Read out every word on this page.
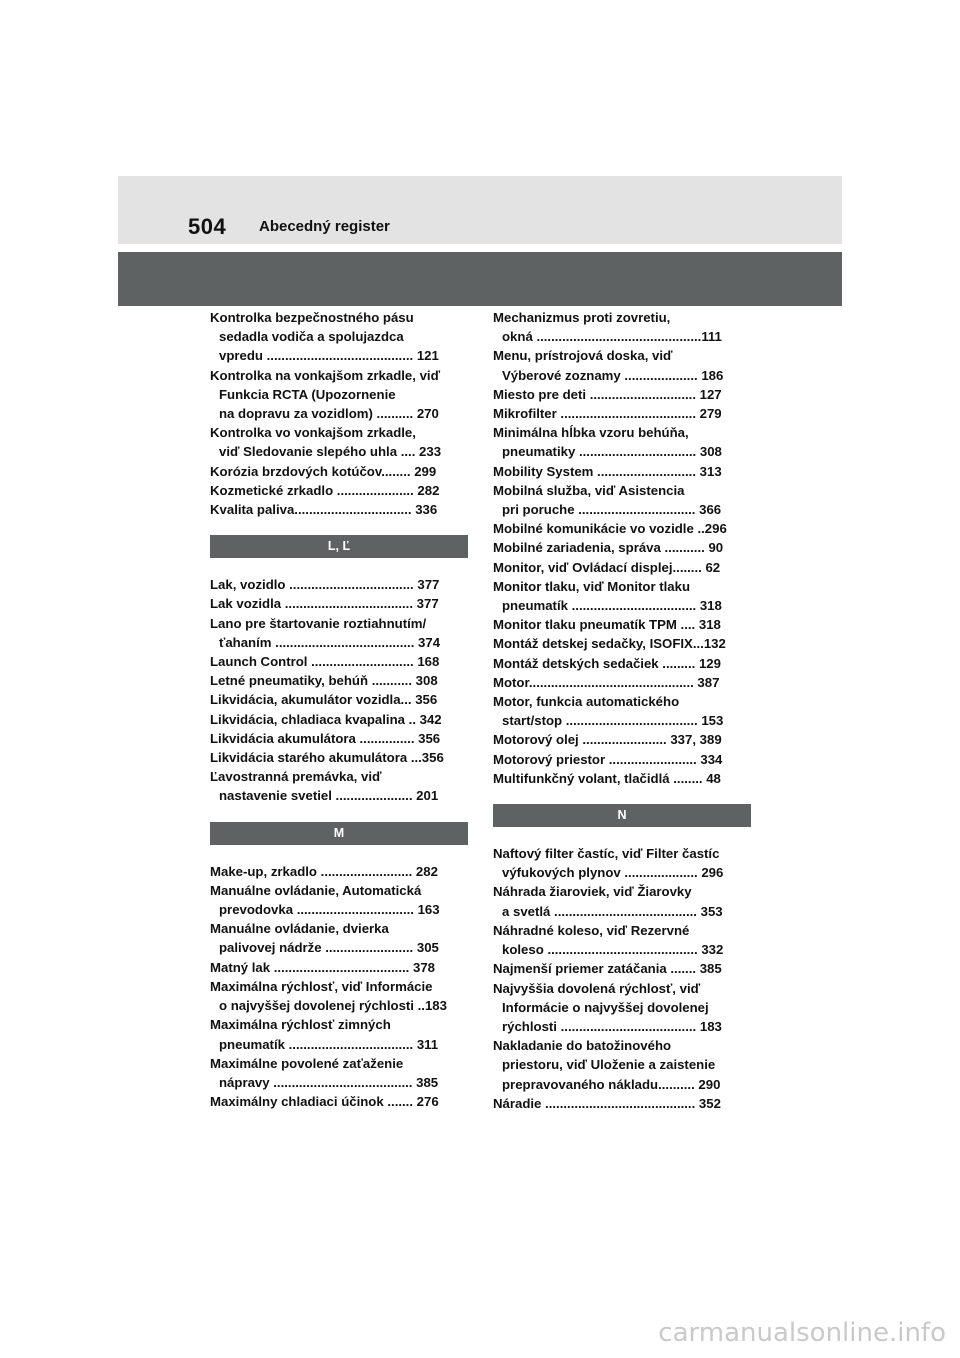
504 Abecedný register
Kontrolka bezpečnostného pásu
sedadla vodiča a spolujazdca
vpredu ........................................ 121
Kontrolka na vonkajšom zrkadle, viď
Funkcia RCTA (Upozornenie
na dopravu za vozidlom) .......... 270
Kontrolka vo vonkajšom zrkadle,
viď Sledovanie slepého uhla .... 233
Korózia brzdových kotúčov........ 299
Kozmetické zrkadlo ..................... 282
Kvalita paliva................................ 336
L, Ľ
Lak, vozidlo .................................. 377
Lak vozidla ................................... 377
Lano pre štartovanie roztiahnutím/
ťahaním ...................................... 374
Launch Control ............................ 168
Letné pneumatiky, behúň ........... 308
Likvidácia, akumulátor vozidla... 356
Likvidácia, chladiaca kvapalina .. 342
Likvidácia akumulátora ............... 356
Likvidácia starého akumulátora ...356
Ľavostranná premávka, viď
nastavenie svetiel ..................... 201
M
Make-up, zrkadlo ......................... 282
Manuálne ovládanie, Automatická
prevodovka ................................ 163
Manuálne ovládanie, dvierka
palivovej nádrže ........................ 305
Matný lak ..................................... 378
Maximálna rýchlosť, viď Informácie
o najvyššej dovolenej rýchlosti ..183
Maximálna rýchlosť zimných
pneumatík .................................. 311
Maximálne povolené zaťaženie
nápravy ...................................... 385
Maximálny chladiaci účinok ....... 276
Mechanizmus proti zovretiu,
okná .............................................111
Menu, prístrojová doska, viď
Výberové zoznamy .................... 186
Miesto pre deti ............................. 127
Mikrofilter ..................................... 279
Minimálna hĺbka vzoru behúňa,
pneumatiky ................................ 308
Mobility System ........................... 313
Mobilná služba, viď Asistencia
pri poruche ................................ 366
Mobilné komunikácie vo vozidle ..296
Mobilné zariadenia, správa ........... 90
Monitor, viď Ovládací displej........ 62
Monitor tlaku, viď Monitor tlaku
pneumatík .................................. 318
Monitor tlaku pneumatík TPM .... 318
Montáž detskej sedačky, ISOFIX...132
Montáž detských sedačiek ......... 129
Motor............................................. 387
Motor, funkcia automatického
start/stop .................................... 153
Motorový olej ....................... 337, 389
Motorový priestor ........................ 334
Multifunkčný volant, tlačidlá ........ 48
N
Naftový filter častíc, viď Filter častíc
výfukových plynov .................... 296
Náhrada žiaroviek, viď Žiarovky
a svetlá ....................................... 353
Náhradné koleso, viď Rezervné
koleso ......................................... 332
Najmenší priemer zatáčania ....... 385
Najvyššia dovolená rýchlosť, viď
Informácie o najvyššej dovolenej
rýchlosti ..................................... 183
Nakladanie do batožinového
priestoru, viď Uloženie a zaistenie
prepravovaného nákladu.......... 290
Náradie ......................................... 352
carmanualsonline.info
